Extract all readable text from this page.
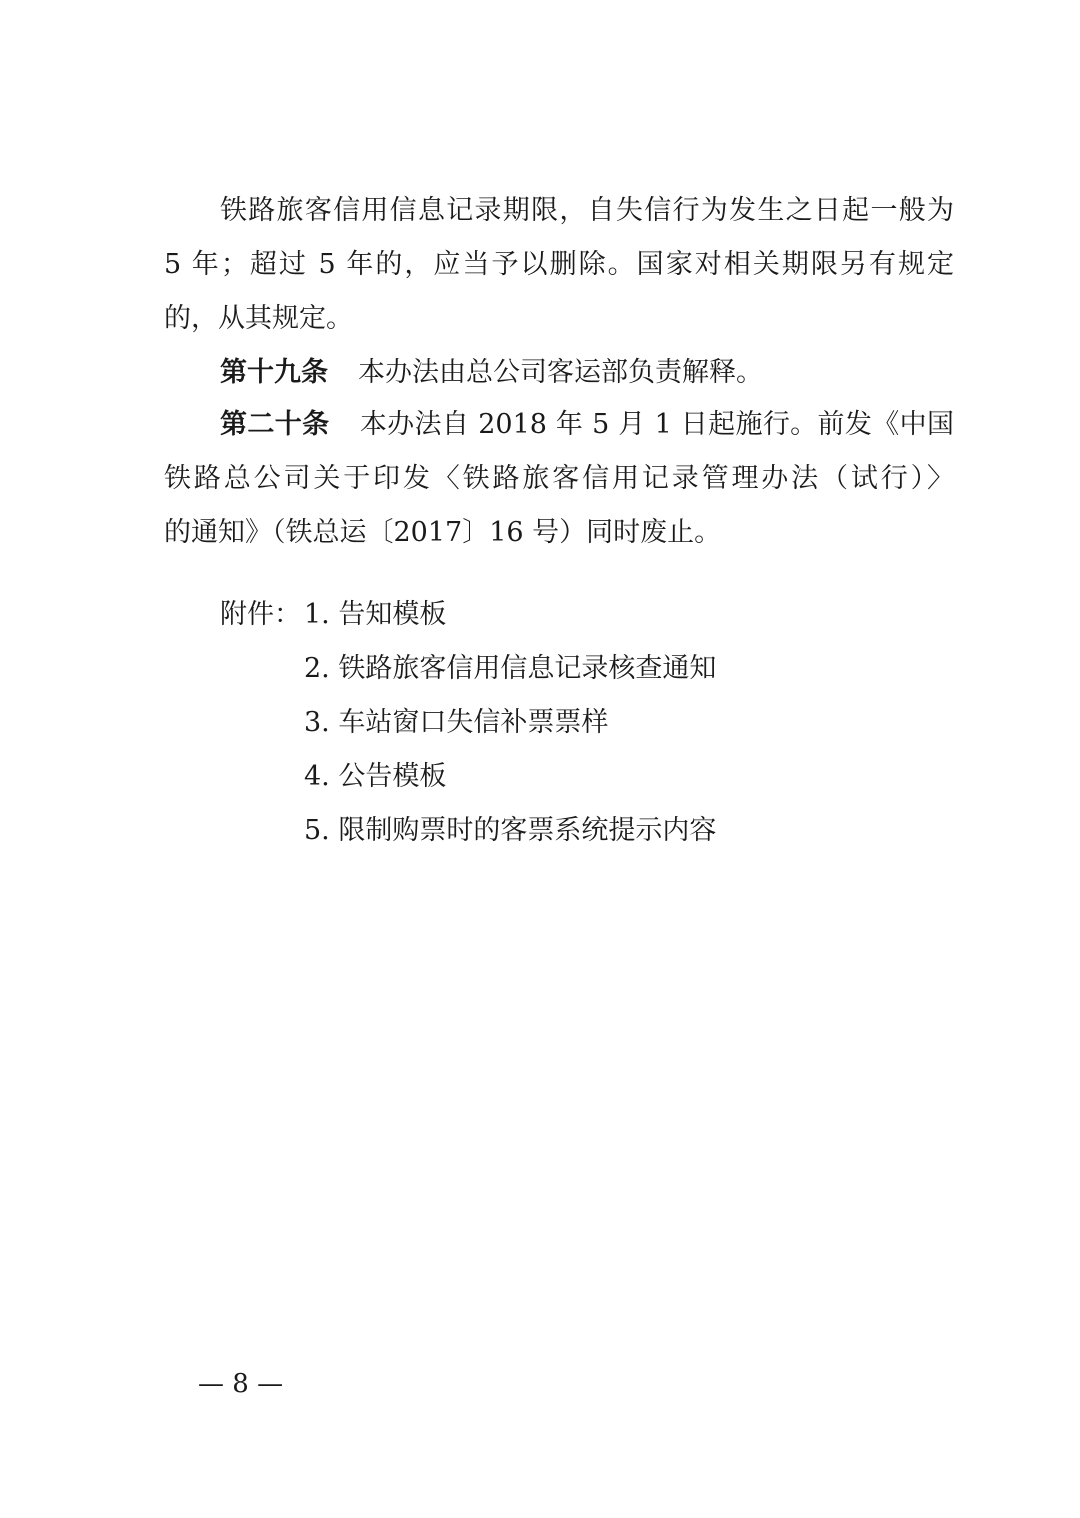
铁路旅客信用信息记录期限，自失信行为发生之日起一般为
5 年；超过 5 年的，应当予以删除。国家对相关期限另有规定
的，从其规定。
第十九条 本办法由总公司客运部负责解释。
第二十条 本办法自 2018 年 5 月 1 日起施行。前发《中国
铁路总公司关于印发〈铁路旅客信用记录管理办法（试行）〉
的通知》（铁总运〔2017〕16 号）同时废止。
附件： 1. 告知模板
2. 铁路旅客信用信息记录核查通知
3. 车站窗口失信补票票样
4. 公告模板
5. 限制购票时的客票系统提示内容
— 8 —
